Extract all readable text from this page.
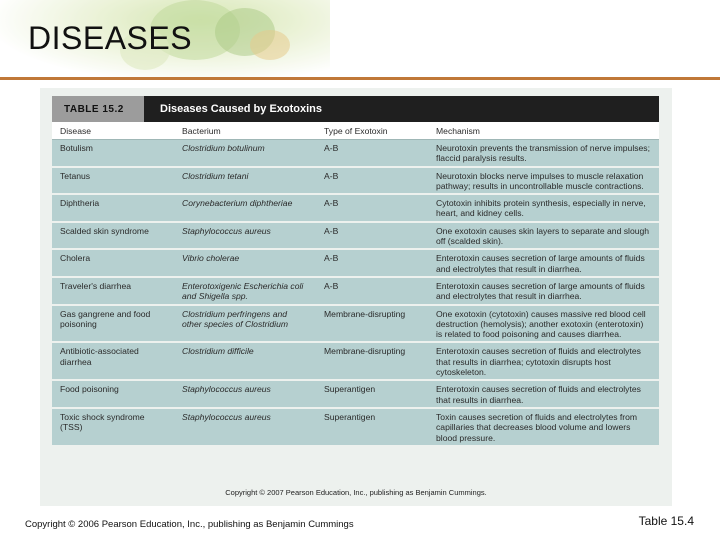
DISEASES
TABLE 15.2	Diseases Caused by Exotoxins
Disease	Bacterium	Type of Exotoxin	Mechanism
Botulism	Clostridium botulinum	A-B	Neurotoxin prevents the transmission of nerve impulses; flaccid paralysis results.
Tetanus	Clostridium tetani	A-B	Neurotoxin blocks nerve impulses to muscle relaxation pathway; results in uncontrollable muscle contractions.
Diphtheria	Corynebacterium diphtheriae	A-B	Cytotoxin inhibits protein synthesis, especially in nerve, heart, and kidney cells.
Scalded skin syndrome	Staphylococcus aureus	A-B	One exotoxin causes skin layers to separate and slough off (scalded skin).
Cholera	Vibrio cholerae	A-B	Enterotoxin causes secretion of large amounts of fluids and electrolytes that result in diarrhea.
Traveler's diarrhea	Enterotoxigenic Escherichia coli and Shigella spp.	A-B	Enterotoxin causes secretion of large amounts of fluids and electrolytes that result in diarrhea.
Gas gangrene and food poisoning	Clostridium perfringens and other species of Clostridium	Membrane-disrupting	One exotoxin (cytotoxin) causes massive red blood cell destruction (hemolysis); another exotoxin (enterotoxin) is related to food poisoning and causes diarrhea.
Antibiotic-associated diarrhea	Clostridium difficile	Membrane-disrupting	Enterotoxin causes secretion of fluids and electrolytes that results in diarrhea; cytotoxin disrupts host cytoskeleton.
Food poisoning	Staphylococcus aureus	Superantigen	Enterotoxin causes secretion of fluids and electrolytes that results in diarrhea.
Toxic shock syndrome (TSS)	Staphylococcus aureus	Superantigen	Toxin causes secretion of fluids and electrolytes from capillaries that decreases blood volume and lowers blood pressure.
Copyright © 2007 Pearson Education, Inc., publishing as Benjamin Cummings.
Copyright © 2006 Pearson Education, Inc., publishing as Benjamin Cummings	Table 15.4
